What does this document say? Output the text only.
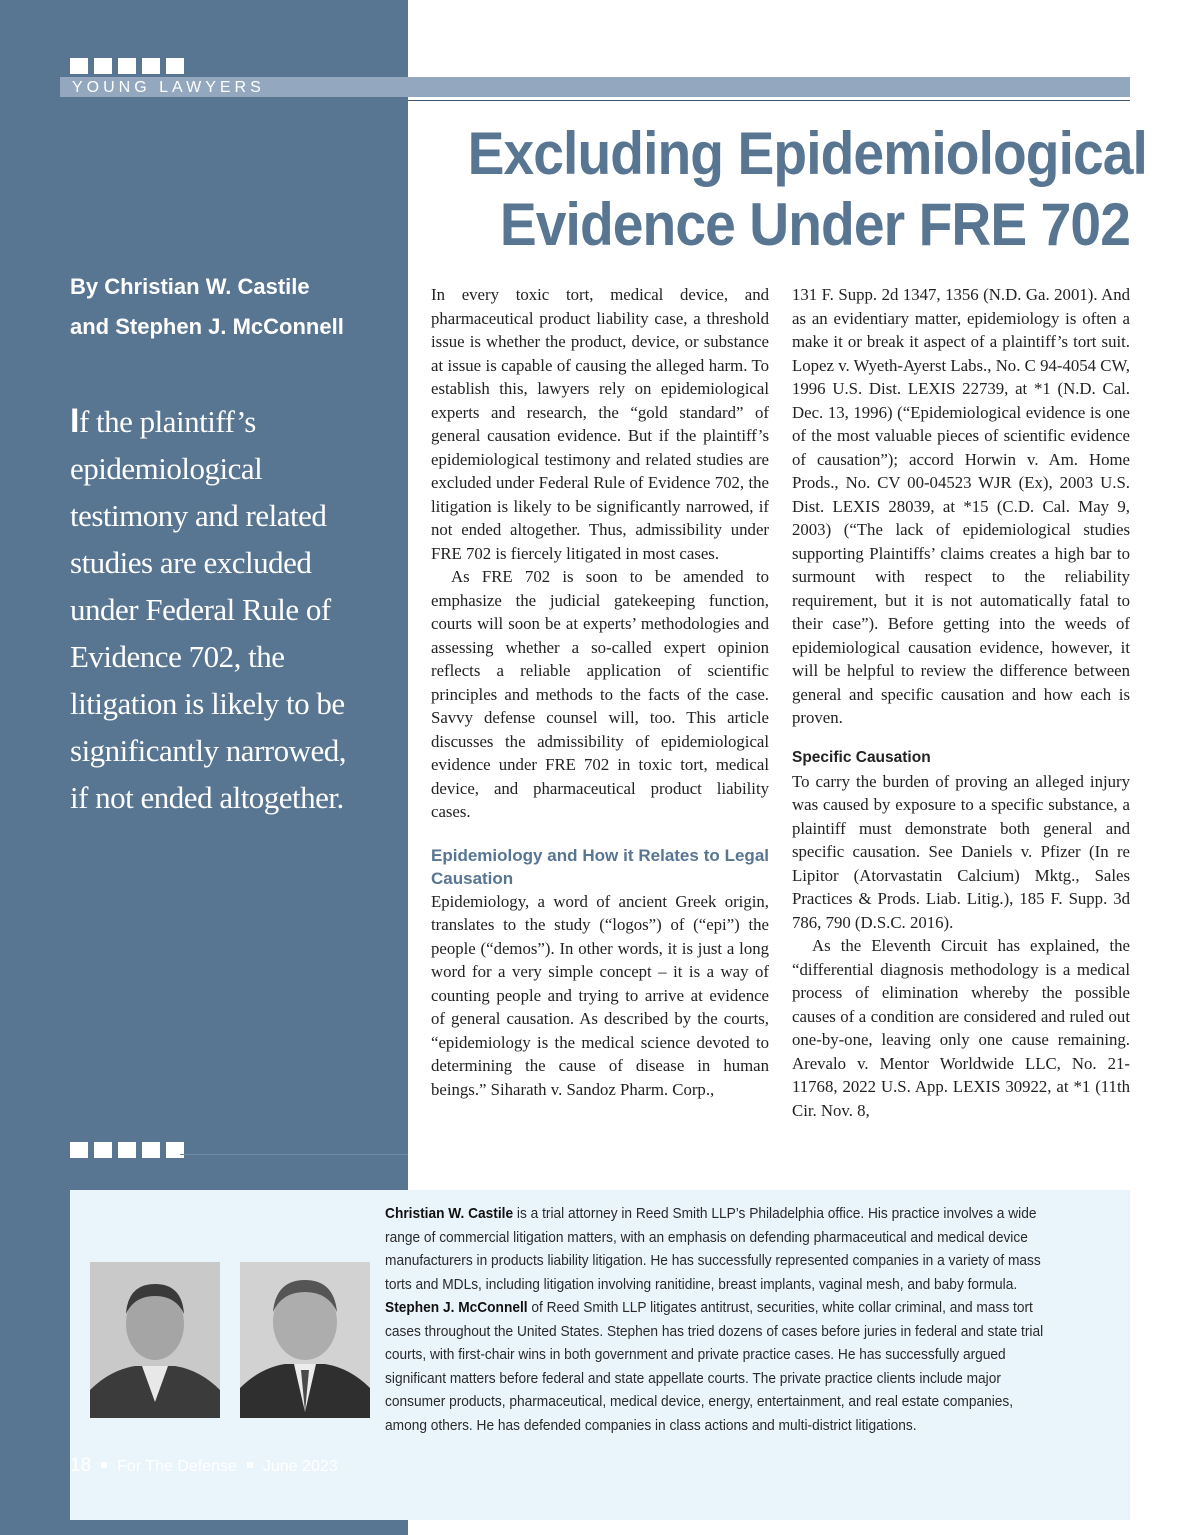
YOUNG LAWYERS
Excluding Epidemiological
Evidence Under FRE 702
By Christian W. Castile
and Stephen J. McConnell
If the plaintiff’s epidemiological testimony and related studies are excluded under Federal Rule of Evidence 702, the litigation is likely to be significantly narrowed, if not ended altogether.

In every toxic tort, medical device, and pharmaceutical product liability case, a threshold issue is whether the product, device, or substance at issue is capable of causing the alleged harm. To establish this, lawyers rely on epidemiological experts and research, the “gold standard” of general causation evidence. But if the plaintiff’s epidemiological testimony and related studies are excluded under Federal Rule of Evidence 702, the litigation is likely to be significantly narrowed, if not ended altogether. Thus, admissibility under FRE 702 is fiercely litigated in most cases.

As FRE 702 is soon to be amended to emphasize the judicial gatekeeping function, courts will soon be at experts’ methodologies and assessing whether a so-called expert opinion reflects a reliable application of scientific principles and methods to the facts of the case. Savvy defense counsel will, too. This article discusses the admissibility of epidemiological evidence under FRE 702 in toxic tort, medical device, and pharmaceutical product liability cases.

Epidemiology and How it Relates to Legal Causation

Epidemiology, a word of ancient Greek origin, translates to the study (“logos”) of (“epi”) the people (“demos”). In other words, it is just a long word for a very simple concept – it is a way of counting people and trying to arrive at evidence of general causation. As described by the courts, “epidemiology is the medical science devoted to determining the cause of disease in human beings.” Siharath v. Sandoz Pharm. Corp.,

131 F. Supp. 2d 1347, 1356 (N.D. Ga. 2001). And as an evidentiary matter, epidemiology is often a make it or break it aspect of a plaintiff’s tort suit. Lopez v. Wyeth-Ayerst Labs., No. C 94-4054 CW, 1996 U.S. Dist. LEXIS 22739, at *1 (N.D. Cal. Dec. 13, 1996) (“Epidemiological evidence is one of the most valuable pieces of scientific evidence of causation”); accord Horwin v. Am. Home Prods., No. CV 00-04523 WJR (Ex), 2003 U.S. Dist. LEXIS 28039, at *15 (C.D. Cal. May 9, 2003) (“The lack of epidemiological studies supporting Plaintiffs’ claims creates a high bar to surmount with respect to the reliability requirement, but it is not automatically fatal to their case”). Before getting into the weeds of epidemiological causation evidence, however, it will be helpful to review the difference between general and specific causation and how each is proven.

Specific Causation

To carry the burden of proving an alleged injury was caused by exposure to a specific substance, a plaintiff must demonstrate both general and specific causation. See Daniels v. Pfizer (In re Lipitor (Atorvastatin Calcium) Mktg., Sales Practices & Prods. Liab. Litig.), 185 F. Supp. 3d 786, 790 (D.S.C. 2016).

As the Eleventh Circuit has explained, the “differential diagnosis methodology is a medical process of elimination whereby the possible causes of a condition are considered and ruled out one-by-one, leaving only one cause remaining. Arevalo v. Mentor Worldwide LLC, No. 21-11768, 2022 U.S. App. LEXIS 30922, at *1 (11th Cir. Nov. 8,

Christian W. Castile is a trial attorney in Reed Smith LLP’s Philadelphia office. His practice involves a wide range of commercial litigation matters, with an emphasis on defending pharmaceutical and medical device manufacturers in products liability litigation. He has successfully represented companies in a variety of mass torts and MDLs, including litigation involving ranitidine, breast implants, vaginal mesh, and baby formula. Stephen J. McConnell of Reed Smith LLP litigates antitrust, securities, white collar criminal, and mass tort cases throughout the United States. Stephen has tried dozens of cases before juries in federal and state trial courts, with first-chair wins in both government and private practice cases. He has successfully argued significant matters before federal and state appellate courts. The private practice clients include major consumer products, pharmaceutical, medical device, energy, entertainment, and real estate companies, among others. He has defended companies in class actions and multi-district litigations.
18 For The Defense June 2023
